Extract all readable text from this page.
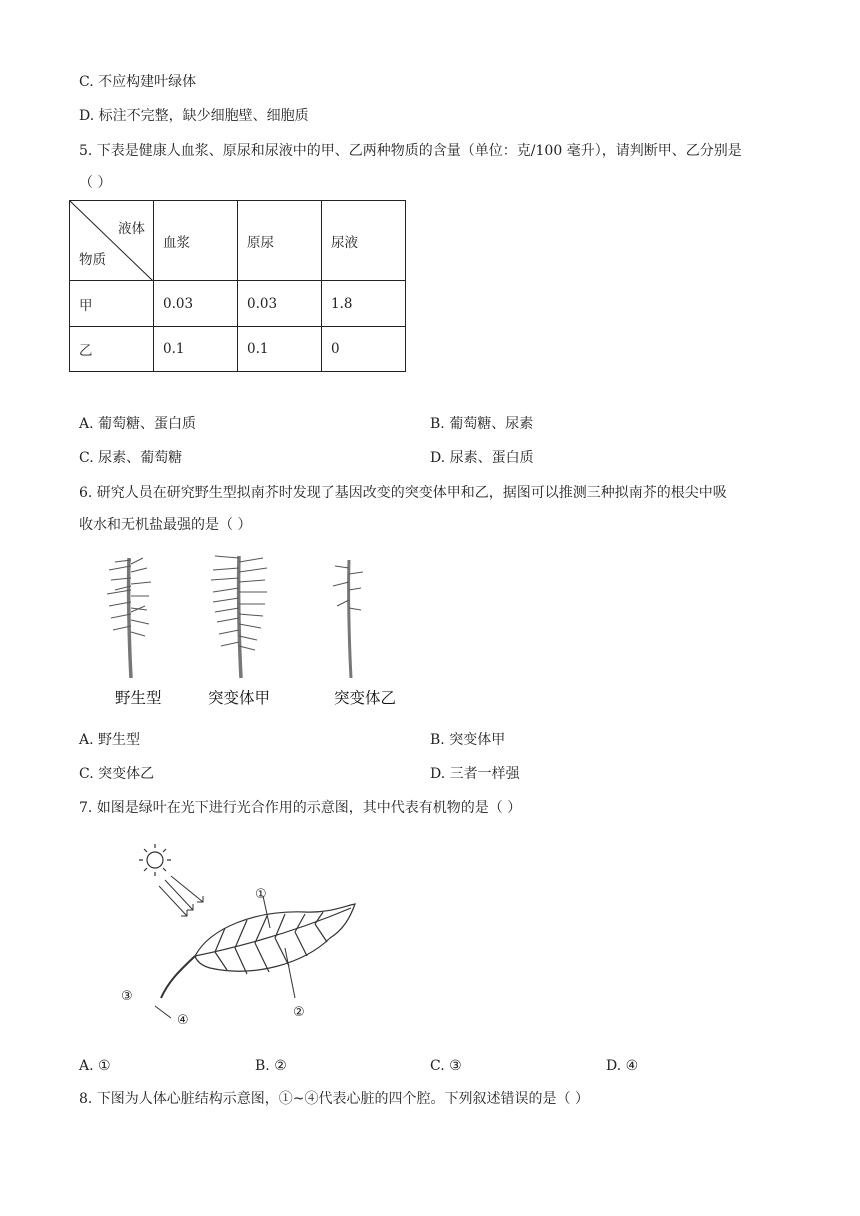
C. 不应构建叶绿体
D. 标注不完整，缺少细胞壁、细胞质
5. 下表是健康人血浆、原尿和尿液中的甲、乙两种物质的含量（单位：克/100 毫升），请判断甲、乙分别是
（ ）
液体
物质	血浆	原尿	尿液
甲	0.03	0.03	1.8
乙	0.1	0.1	0
A. 葡萄糖、蛋白质	B. 葡萄糖、尿素
C. 尿素、葡萄糖	D. 尿素、蛋白质
6. 研究人员在研究野生型拟南芥时发现了基因改变的突变体甲和乙，据图可以推测三种拟南芥的根尖中吸
收水和无机盐最强的是（ ）
野生型	突变体甲	突变体乙
A. 野生型	B. 突变体甲
C. 突变体乙	D. 三者一样强
7. 如图是绿叶在光下进行光合作用的示意图，其中代表有机物的是（ ）
①
②
③
④
A. ①	B. ②	C. ③	D. ④
8. 下图为人体心脏结构示意图，①~④代表心脏的四个腔。下列叙述错误的是（ ）
